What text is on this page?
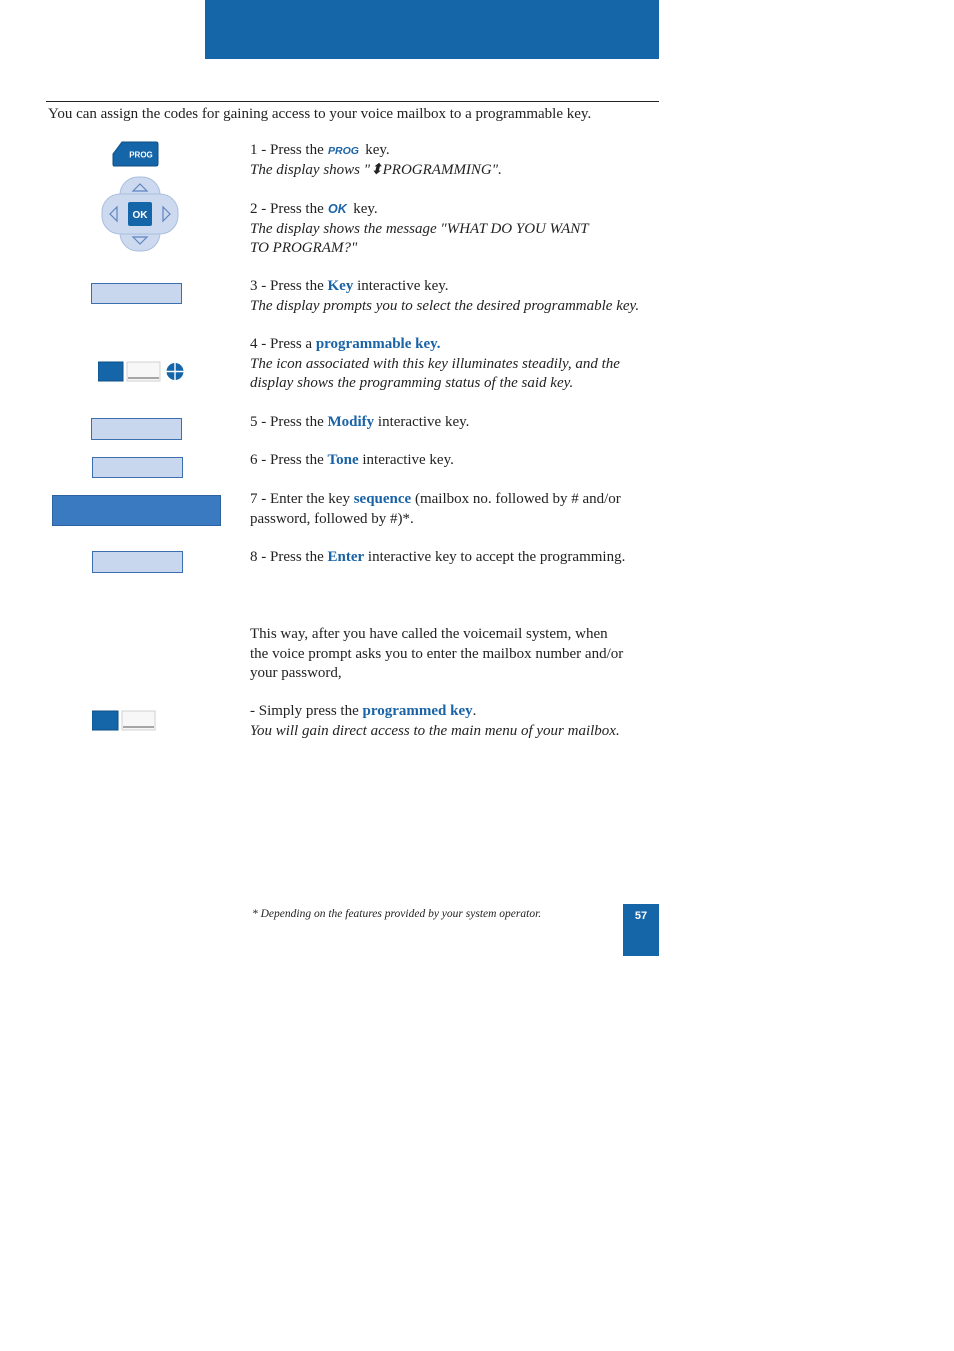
You can assign the codes for gaining access to your voice mailbox to a programmable key.
PROG
OK
1 - Press the PROG key.
The display shows "⬍PROGRAMMING".
2 - Press the OK key.
The display shows the message "WHAT DO YOU WANT
TO PROGRAM?"
3 - Press the Key interactive key.
The display prompts you to select the desired programmable key.
4 - Press a programmable key.
The icon associated with this key illuminates steadily, and the
display shows the programming status of the said key.
5 - Press the Modify interactive key.
6 - Press the Tone interactive key.
7 - Enter the key sequence (mailbox no. followed by # and/or
password, followed by #)*.
8 - Press the Enter interactive key to accept the programming.
This way, after you have called the voicemail system, when
the voice prompt asks you to enter the mailbox number and/or
your password,
- Simply press the programmed key.
You will gain direct access to the main menu of your mailbox.
* Depending on the features provided by your system operator.	57
